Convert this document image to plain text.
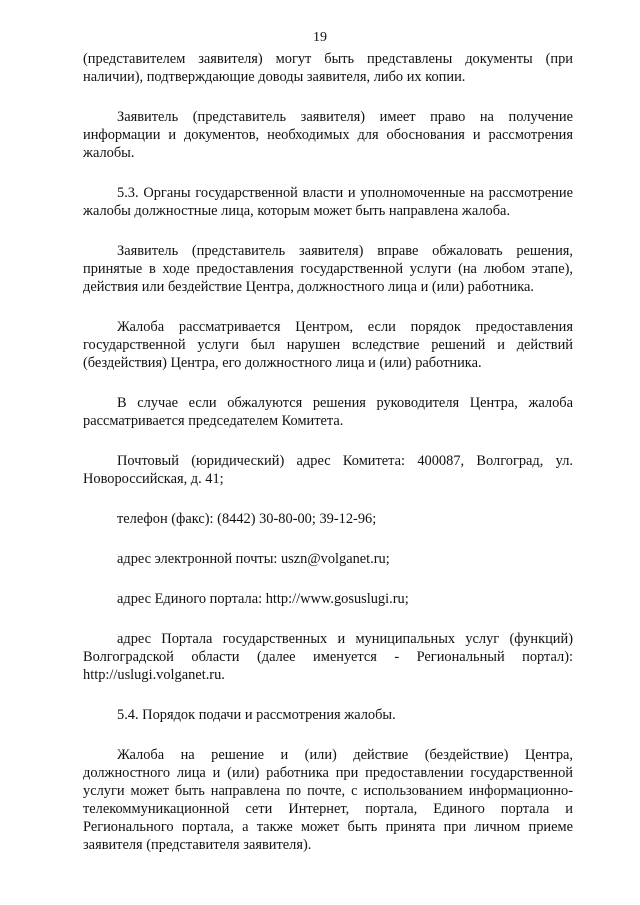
19

(представителем заявителя) могут быть представлены документы (при наличии), подтверждающие доводы заявителя, либо их копии.

Заявитель (представитель заявителя) имеет право на получение информации и документов, необходимых для обоснования и рассмотрения жалобы.

5.3. Органы государственной власти и уполномоченные на рассмотрение жалобы должностные лица, которым может быть направлена жалоба.

Заявитель (представитель заявителя) вправе обжаловать решения, принятые в ходе предоставления государственной услуги (на любом этапе), действия или бездействие Центра, должностного лица и (или) работника.

Жалоба рассматривается Центром, если порядок предоставления государственной услуги был нарушен вследствие решений и действий (бездействия) Центра, его должностного лица и (или) работника.

В случае если обжалуются решения руководителя Центра, жалоба рассматривается председателем Комитета.

Почтовый (юридический) адрес Комитета: 400087, Волгоград, ул. Новороссийская, д. 41;

телефон (факс): (8442) 30-80-00; 39-12-96;

адрес электронной почты: uszn@volganet.ru;

адрес Единого портала: http://www.gosuslugi.ru;

адрес Портала государственных и муниципальных услуг (функций) Волгоградской области (далее именуется - Региональный портал): http://uslugi.volganet.ru.

5.4. Порядок подачи и рассмотрения жалобы.

Жалоба на решение и (или) действие (бездействие) Центра, должностного лица и (или) работника при предоставлении государственной услуги может быть направлена по почте, с использованием информационно-телекоммуникационной сети Интернет, портала, Единого портала и Регионального портала, а также может быть принята при личном приеме заявителя (представителя заявителя).
